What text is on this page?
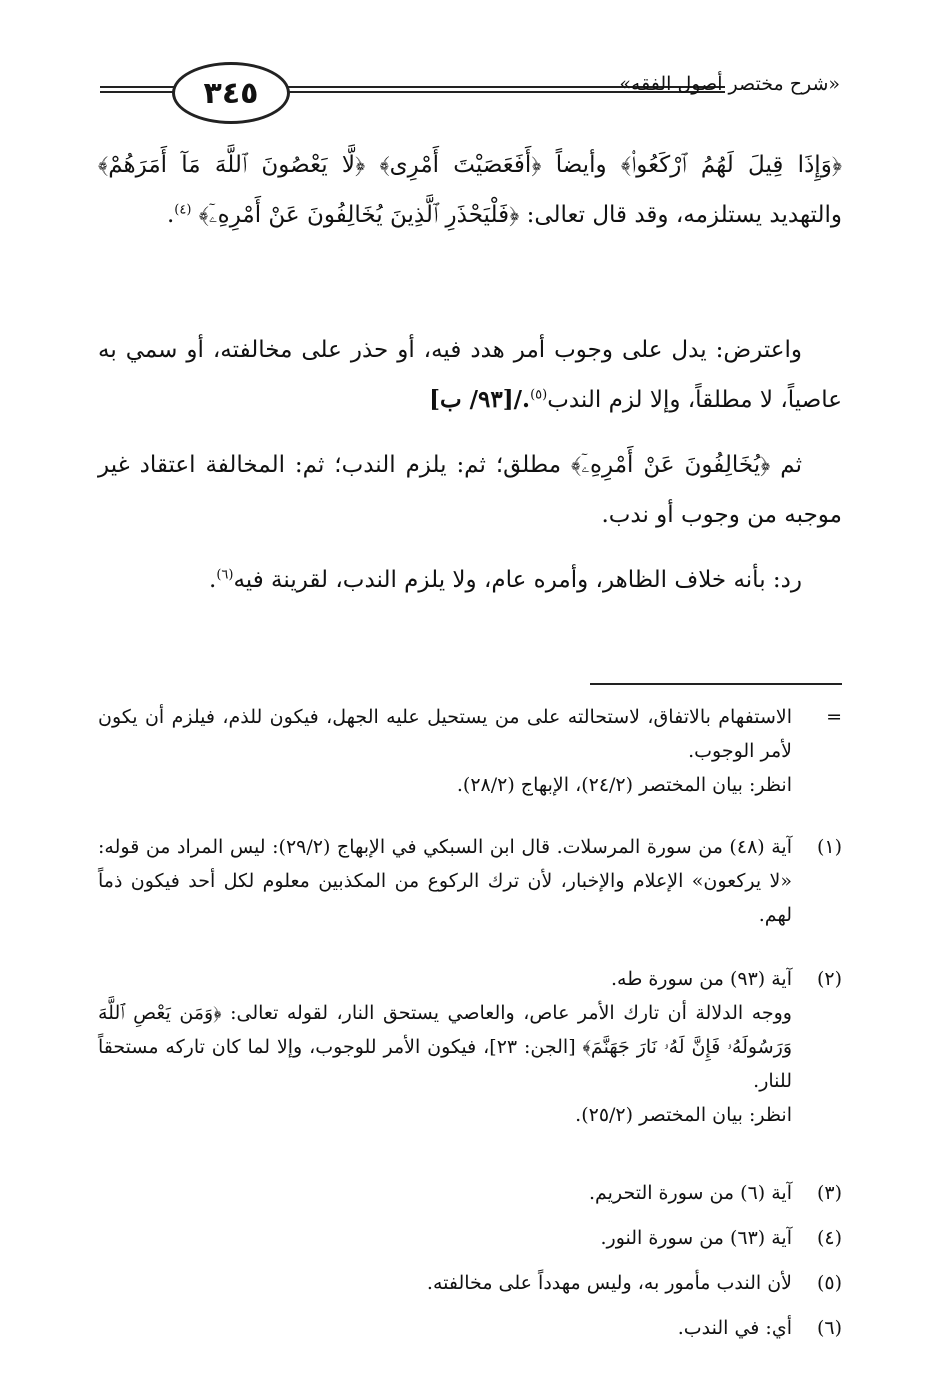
٣٤٥	«شرح مختصر أصول الفقه»

﴿وَإِذَا قِيلَ لَهُمُ ٱرْكَعُوا۟﴾ وأيضاً ﴿أَفَعَصَيْتَ أَمْرِى﴾ ﴿لَّا يَعْصُونَ ٱللَّهَ مَآ أَمَرَهُمْ﴾ والتهديد يستلزمه، وقد قال تعالى: ﴿فَلْيَحْذَرِ ٱلَّذِينَ يُخَالِفُونَ عَنْ أَمْرِهِۦٓ﴾ $^{(٤)}$.

واعترض: يدل على وجوب أمر هدد فيه، أو حذر على مخالفته، أو سمي به عاصياً، لا مطلقاً، وإلا لزم الندب$^{(٥)}$./[٩٣/ ب]

ثم ﴿يُخَالِفُونَ عَنْ أَمْرِهِۦٓ﴾ مطلق؛ ثم: يلزم الندب؛ ثم: المخالفة اعتقاد غير موجبه من وجوب أو ندب.

رد: بأنه خلاف الظاهر، وأمره عام، ولا يلزم الندب، لقرينة فيه$^{(٦)}$.

=
الاستفهام بالاتفاق، لاستحالته على من يستحيل عليه الجهل، فيكون للذم، فيلزم أن يكون لأمر الوجوب.
انظر: بيان المختصر (٢٤/٢)، الإبهاج (٢٨/٢).
(١)
آية (٤٨) من سورة المرسلات. قال ابن السبكي في الإبهاج (٢٩/٢): ليس المراد من قوله: «لا يركعون» الإعلام والإخبار، لأن ترك الركوع من المكذبين معلوم لكل أحد فيكون ذماً لهم.
(٢)
آية (٩٣) من سورة طه.
ووجه الدلالة أن تارك الأمر عاص، والعاصي يستحق النار، لقوله تعالى: ﴿وَمَن يَعْصِ ٱللَّهَ وَرَسُولَهُۥ فَإِنَّ لَهُۥ نَارَ جَهَنَّمَ﴾ [الجن: ٢٣]، فيكون الأمر للوجوب، وإلا لما كان تاركه مستحقاً للنار.
انظر: بيان المختصر (٢٥/٢).
(٣)
آية (٦) من سورة التحريم.
(٤)
آية (٦٣) من سورة النور.
(٥)
لأن الندب مأمور به، وليس مهدداً على مخالفته.
(٦)
أي: في الندب.
